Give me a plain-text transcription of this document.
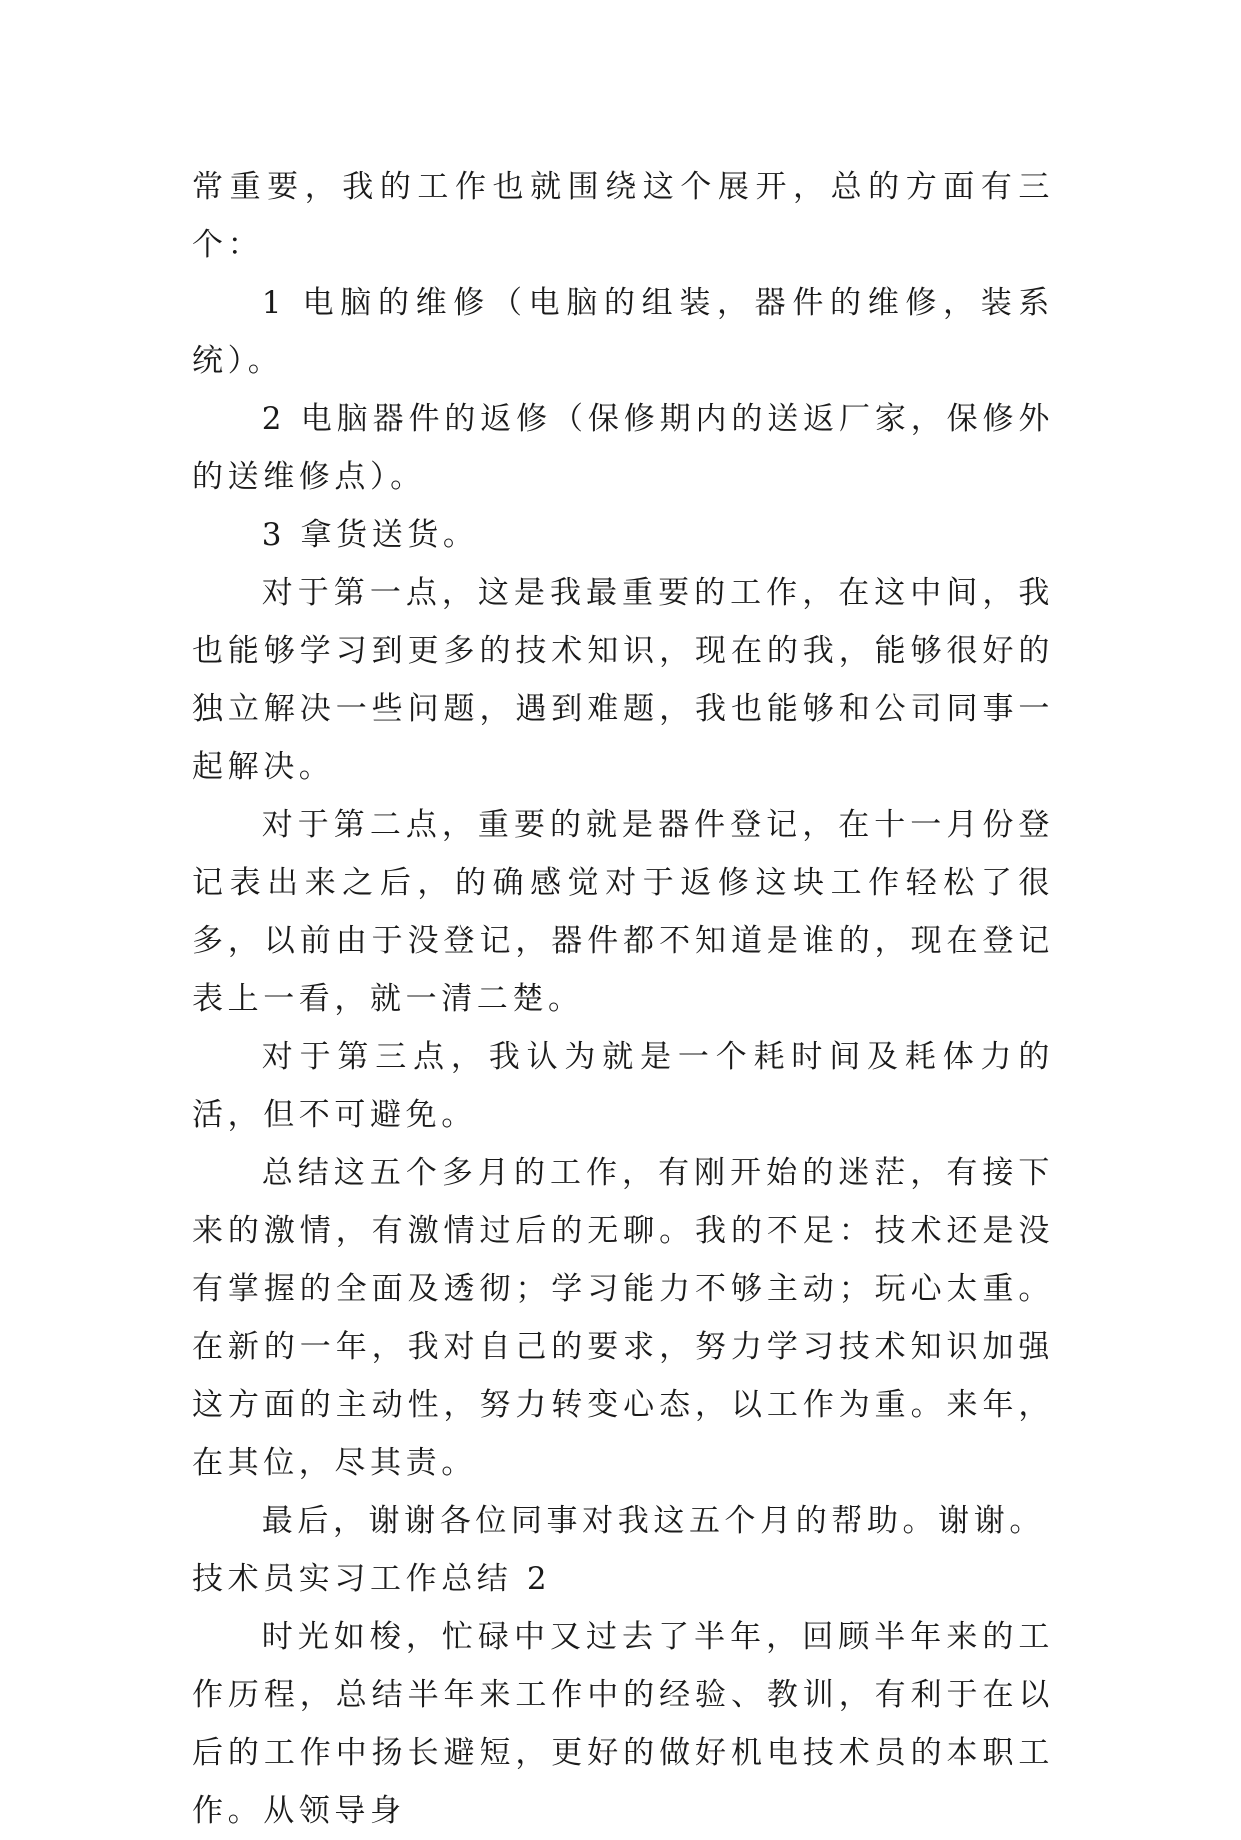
常重要，我的工作也就围绕这个展开，总的方面有三个：

1 电脑的维修（电脑的组装，器件的维修，装系统）。

2 电脑器件的返修（保修期内的送返厂家，保修外的送维修点）。

3 拿货送货。

对于第一点，这是我最重要的工作，在这中间，我也能够学习到更多的技术知识，现在的我，能够很好的独立解决一些问题，遇到难题，我也能够和公司同事一起解决。

对于第二点，重要的就是器件登记，在十一月份登记表出来之后，的确感觉对于返修这块工作轻松了很多，以前由于没登记，器件都不知道是谁的，现在登记表上一看，就一清二楚。

对于第三点，我认为就是一个耗时间及耗体力的活，但不可避免。

总结这五个多月的工作，有刚开始的迷茫，有接下来的激情，有激情过后的无聊。我的不足：技术还是没有掌握的全面及透彻；学习能力不够主动；玩心太重。在新的一年，我对自己的要求，努力学习技术知识加强这方面的主动性，努力转变心态，以工作为重。来年，在其位，尽其责。

最后，谢谢各位同事对我这五个月的帮助。谢谢。

技术员实习工作总结 2

时光如梭，忙碌中又过去了半年，回顾半年来的工作历程，总结半年来工作中的经验、教训，有利于在以后的工作中扬长避短，更好的做好机电技术员的本职工作。从领导身
